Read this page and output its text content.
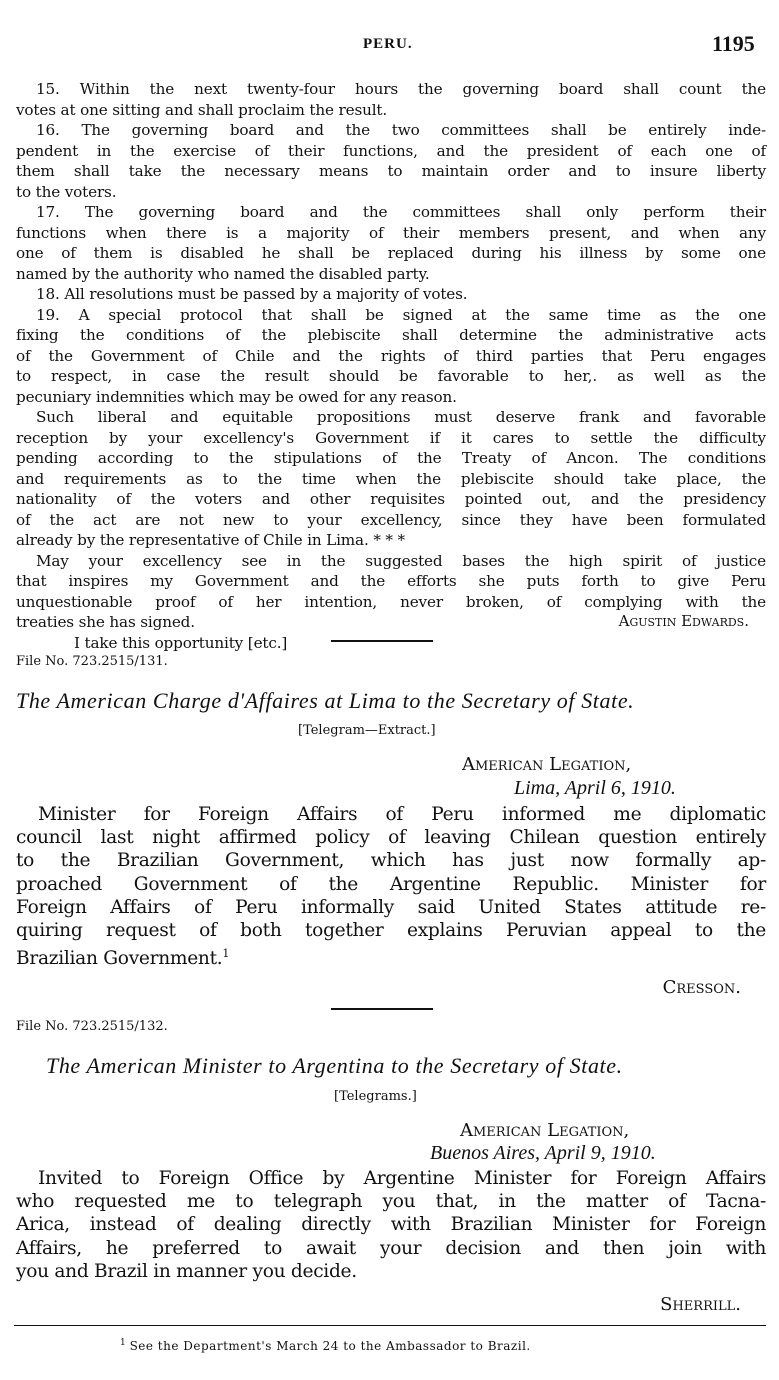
PERU.	1195
15. Within the next twenty-four hours the governing board shall count the
votes at one sitting and shall proclaim the result.
16. The governing board and the two committees shall be entirely inde-
pendent in the exercise of their functions, and the president of each one of
them shall take the necessary means to maintain order and to insure liberty
to the voters.
17. The governing board and the committees shall only perform their
functions when there is a majority of their members present, and when any
one of them is disabled he shall be replaced during his illness by some one
named by the authority who named the disabled party.
18. All resolutions must be passed by a majority of votes.
19. A special protocol that shall be signed at the same time as the one
fixing the conditions of the plebiscite shall determine the administrative acts
of the Government of Chile and the rights of third parties that Peru engages
to respect, in case the result should be favorable to her,. as well as the
pecuniary indemnities which may be owed for any reason.
Such liberal and equitable propositions must deserve frank and favorable
reception by your excellency's Government if it cares to settle the difficulty
pending according to the stipulations of the Treaty of Ancon. The conditions
and requirements as to the time when the plebiscite should take place, the
nationality of the voters and other requisites pointed out, and the presidency
of the act are not new to your excellency, since they have been formulated
already by the representative of Chile in Lima. * * *
May your excellency see in the suggested bases the high spirit of justice
that inspires my Government and the efforts she puts forth to give Peru
unquestionable proof of her intention, never broken, of complying with the
treaties she has signed.
I take this opportunity [etc.]
Agustin Edwards.
File No. 723.2515/131.
The American Charge d'Affaires at Lima to the Secretary of State.
[Telegram—Extract.]
American Legation,
Lima, April 6, 1910.
Minister for Foreign Affairs of Peru informed me diplomatic
council last night affirmed policy of leaving Chilean question entirely
to the Brazilian Government, which has just now formally ap-
proached Government of the Argentine Republic. Minister for
Foreign Affairs of Peru informally said United States attitude re-
quiring request of both together explains Peruvian appeal to the
Brazilian Government.$^1$
Cresson.
File No. 723.2515/132.
The American Minister to Argentina to the Secretary of State.
[Telegrams.]
American Legation,
Buenos Aires, April 9, 1910.
Invited to Foreign Office by Argentine Minister for Foreign Affairs
who requested me to telegraph you that, in the matter of Tacna-
Arica, instead of dealing directly with Brazilian Minister for Foreign
Affairs, he preferred to await your decision and then join with
you and Brazil in manner you decide.
Sherrill.
$^1$ See the Department's March 24 to the Ambassador to Brazil.
